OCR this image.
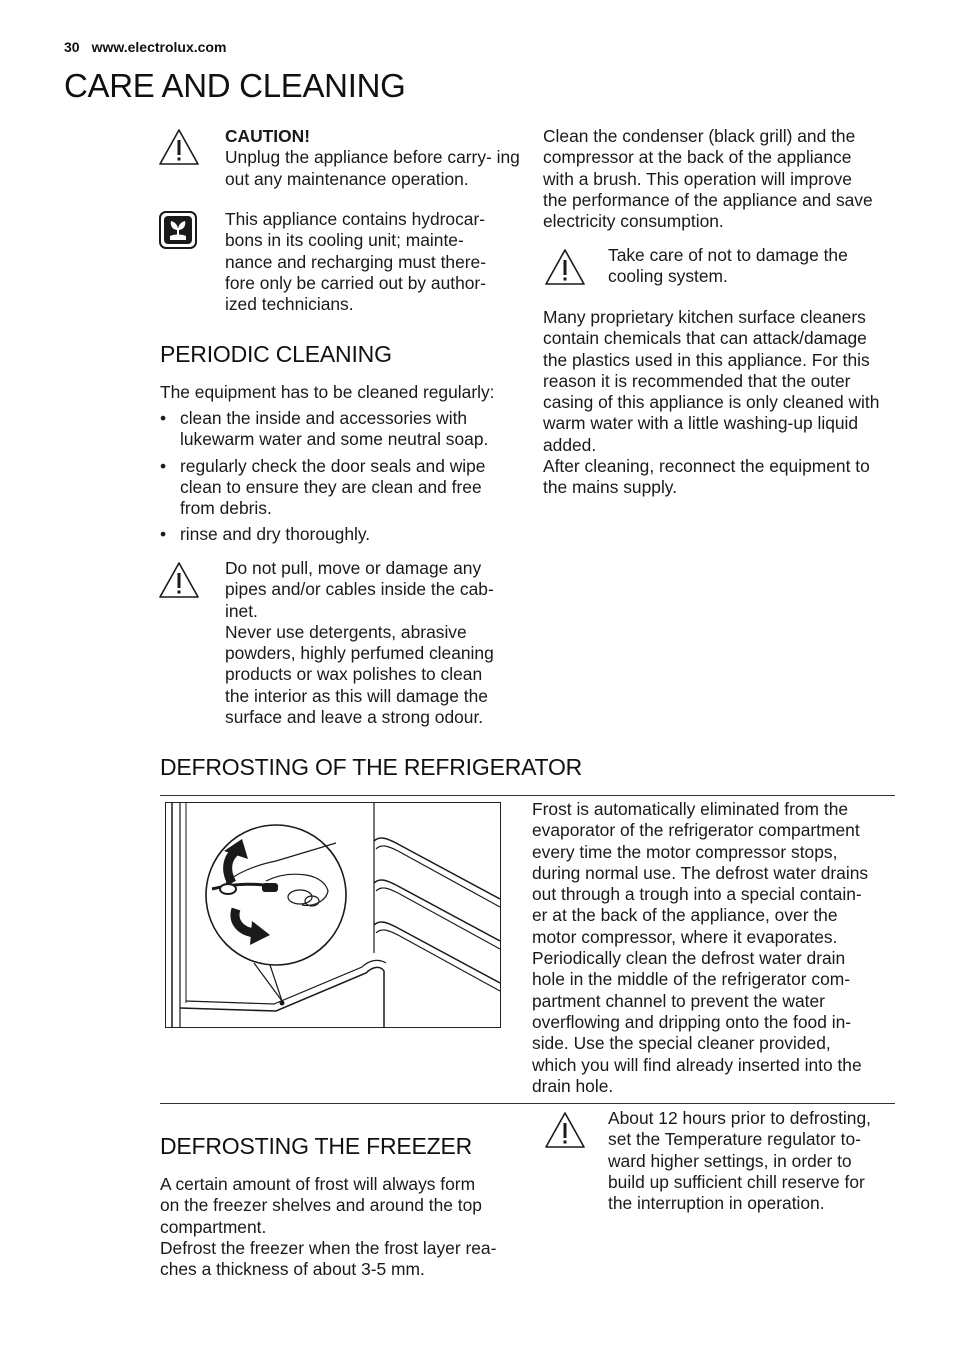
30 www.electrolux.com
CARE AND CLEANING
CAUTION!
Unplug the appliance before carry- ing out any maintenance operation.
This appliance contains hydrocar-
bons in its cooling unit; mainte-
nance and recharging must there-
fore only be carried out by author-
ized technicians.
PERIODIC CLEANING
The equipment has to be cleaned regularly:
• clean the inside and accessories with
lukewarm water and some neutral soap.
• regularly check the door seals and wipe
clean to ensure they are clean and free
from debris.
• rinse and dry thoroughly.
Do not pull, move or damage any
pipes and/or cables inside the cab-
inet.
Never use detergents, abrasive
powders, highly perfumed cleaning
products or wax polishes to clean
the interior as this will damage the
surface and leave a strong odour.
Clean the condenser (black grill) and the
compressor at the back of the appliance
with a brush. This operation will improve
the performance of the appliance and save
electricity consumption.
Take care of not to damage the
cooling system.
Many proprietary kitchen surface cleaners
contain chemicals that can attack/damage
the plastics used in this appliance. For this
reason it is recommended that the outer
casing of this appliance is only cleaned with
warm water with a little washing-up liquid
added.
After cleaning, reconnect the equipment to
the mains supply.
DEFROSTING OF THE REFRIGERATOR
Frost is automatically eliminated from the
evaporator of the refrigerator compartment
every time the motor compressor stops,
during normal use. The defrost water drains
out through a trough into a special contain-
er at the back of the appliance, over the
motor compressor, where it evaporates.
Periodically clean the defrost water drain
hole in the middle of the refrigerator com-
partment channel to prevent the water
overflowing and dripping onto the food in-
side. Use the special cleaner provided,
which you will find already inserted into the
drain hole.
DEFROSTING THE FREEZER
A certain amount of frost will always form
on the freezer shelves and around the top
compartment.
Defrost the freezer when the frost layer rea-
ches a thickness of about 3-5 mm.
About 12 hours prior to defrosting,
set the Temperature regulator to-
ward higher settings, in order to
build up sufficient chill reserve for
the interruption in operation.
